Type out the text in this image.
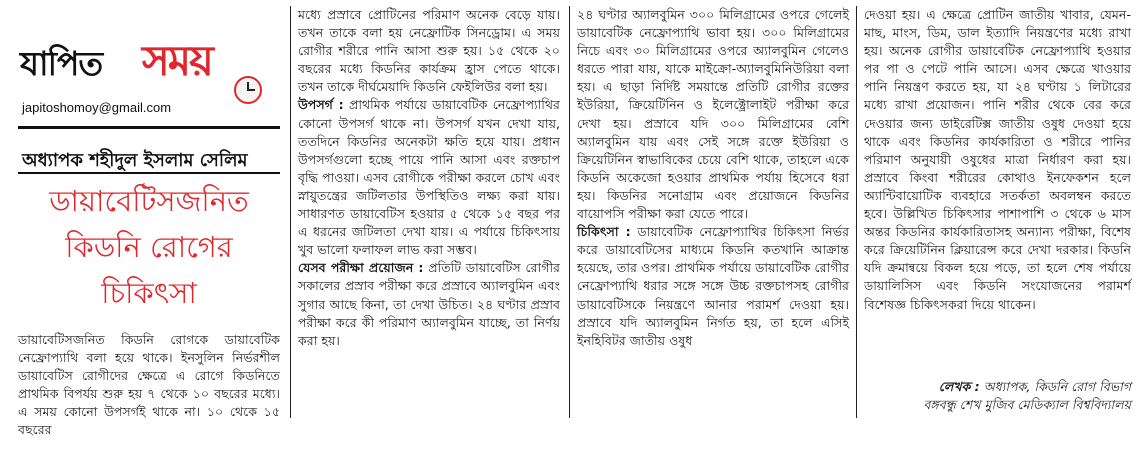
যাপিত সময়
japitoshomoy@gmail.com
অধ্যাপক শহীদুল ইসলাম সেলিম
ডায়াবেটিসজনিত
কিডনি রোগের
চিকিৎসা

ডায়াবেটিসজনিত কিডনি রোগকে ডায়াবেটিক নেফ্রোপ্যাথি বলা হয়ে থাকে। ইনসুলিন নির্ভরশীল ডায়াবেটিস রোগীদের ক্ষেত্রে এ রোগে কিডনিতে প্রাথমিক বিপর্যয় শুরু হয় ৭ থেকে ১০ বছরের মধ্যে। এ সময় কোনো উপসর্গই থাকে না। ১০ থেকে ১৫ বছরের

মধ্যে প্রস্রাবে প্রোটিনের পরিমাণ অনেক বেড়ে যায়। তখন তাকে বলা হয় নেফ্রোটিক সিনড্রোম। এ সময় রোগীর শরীরে পানি আসা শুরু হয়। ১৫ থেকে ২০ বছরের মধ্যে কিডনির কার্যক্রম হ্রাস পেতে থাকে। তখন তাকে দীর্ঘমেয়াদি কিডনি ফেইলিউর বলা হয়।

উপসর্গ : প্রাথমিক পর্যায়ে ডায়াবেটিক নেফ্রোপ্যাথির কোনো উপসর্গ থাকে না। উপসর্গ যখন দেখা যায়, ততদিনে কিডনির অনেকটা ক্ষতি হয়ে যায়। প্রধান উপসর্গগুলো হচ্ছে পায়ে পানি আসা এবং রক্তচাপ বৃদ্ধি পাওয়া। এসব রোগীকে পরীক্ষা করলে চোখ এবং স্নায়ুতন্ত্রের জটিলতার উপস্থিতিও লক্ষ্য করা যায়। সাধারণত ডায়াবেটিস হওয়ার ৫ থেকে ১৫ বছর পর এ ধরনের জটিলতা দেখা যায়। এ পর্যায়ে চিকিৎসায় খুব ভালো ফলাফল লাভ করা সম্ভব।

যেসব পরীক্ষা প্রয়োজন : প্রতিটি ডায়াবেটিস রোগীর সকালের প্রস্রাব পরীক্ষা করে প্রস্রাবে অ্যালবুমিন এবং সুগার আছে কিনা, তা দেখা উচিত। ২৪ ঘণ্টার প্রস্রাব পরীক্ষা করে কী পরিমাণ অ্যালবুমিন যাচ্ছে, তা নির্ণয় করা হয়।

২৪ ঘণ্টার অ্যালবুমিন ৩০০ মিলিগ্রামের ওপরে গেলেই ডায়াবেটিক নেফ্রোপ্যাথি ভাবা হয়। ৩০০ মিলিগ্রামের নিচে এবং ৩০ মিলিগ্রামের ওপরে অ্যালবুমিন গেলেও ধরতে পারা যায়, যাকে মাইক্রো-অ্যালবুমিনিউরিয়া বলা হয়। এ ছাড়া নির্দিষ্ট সময়ান্তে প্রতিটি রোগীর রক্তের ইউরিয়া, ক্রিয়েটিনিন ও ইলেক্ট্রোলাইট পরীক্ষা করে দেখা হয়। প্রস্রাবে যদি ৩০০ মিলিগ্রামের বেশি অ্যালবুমিন যায় এবং সেই সঙ্গে রক্তে ইউরিয়া ও ক্রিয়েটিনিন স্বাভাবিকের চেয়ে বেশি থাকে, তাহলে একে কিডনি অকেজো হওয়ার প্রাথমিক পর্যায় হিসেবে ধরা হয়। কিডনির সনোগ্রাম এবং প্রয়োজনে কিডনির বায়োপসি পরীক্ষা করা যেতে পারে।

চিকিৎসা : ডায়াবেটিক নেফ্রোপ্যাথির চিকিৎসা নির্ভর করে ডায়াবেটিসের মাধ্যমে কিডনি কতখানি আক্রান্ত হয়েছে, তার ওপর। প্রাথমিক পর্যায়ে ডায়াবেটিক রোগীর নেফ্রোপ্যাথি ধরার সঙ্গে সঙ্গে উচ্চ রক্তচাপসহ রোগীর ডায়াবেটিসকে নিয়ন্ত্রণে আনার পরামর্শ দেওয়া হয়। প্রস্রাবে যদি অ্যালবুমিন নির্গত হয়, তা হলে এসিই ইনহিবিটর জাতীয় ওষুধ

দেওয়া হয়। এ ক্ষেত্রে প্রোটিন জাতীয় খাবার, যেমন- মাছ, মাংস, ডিম, ডাল ইত্যাদি নিয়ন্ত্রণের মধ্যে রাখা হয়। অনেক রোগীর ডায়াবেটিক নেফ্রোপ্যাথি হওয়ার পর পা ও পেটে পানি আসে। এসব ক্ষেত্রে খাওয়ার পানি নিয়ন্ত্রণ করতে হয়, যা ২৪ ঘণ্টায় ১ লিটারের মধ্যে রাখা প্রয়োজন। পানি শরীর থেকে বের করে দেওয়ার জন্য ডাইরেটিক্স জাতীয় ওষুধ দেওয়া হয়ে থাকে এবং কিডনির কার্যকারিতা ও শরীরে পানির পরিমাণ অনুযায়ী ওষুধের মাত্রা নির্ধারণ করা হয়। প্রস্রাবে কিংবা শরীরের কোথাও ইনফেকশন হলে অ্যান্টিবায়োটিক ব্যবহারে সতর্কতা অবলম্বন করতে হবে। উল্লিখিত চিকিৎসার পাশাপাশি ৩ থেকে ৬ মাস অন্তর কিডনির কার্যকারিতাসহ অন্যান্য পরীক্ষা, বিশেষ করে ক্রিয়েটিনিন ক্লিয়ারেন্স করে দেখা দরকার। কিডনি যদি ক্রমান্বয়ে বিকল হয়ে পড়ে, তা হলে শেষ পর্যায়ে ডায়ালিসিস এবং কিডনি সংযোজনের পরামর্শ বিশেষজ্ঞ চিকিৎসকরা দিয়ে থাকেন।

লেখক : অধ্যাপক, কিডনি রোগ বিভাগ
বঙ্গবন্ধু শেখ মুজিব মেডিক্যাল বিশ্ববিদ্যালয়
